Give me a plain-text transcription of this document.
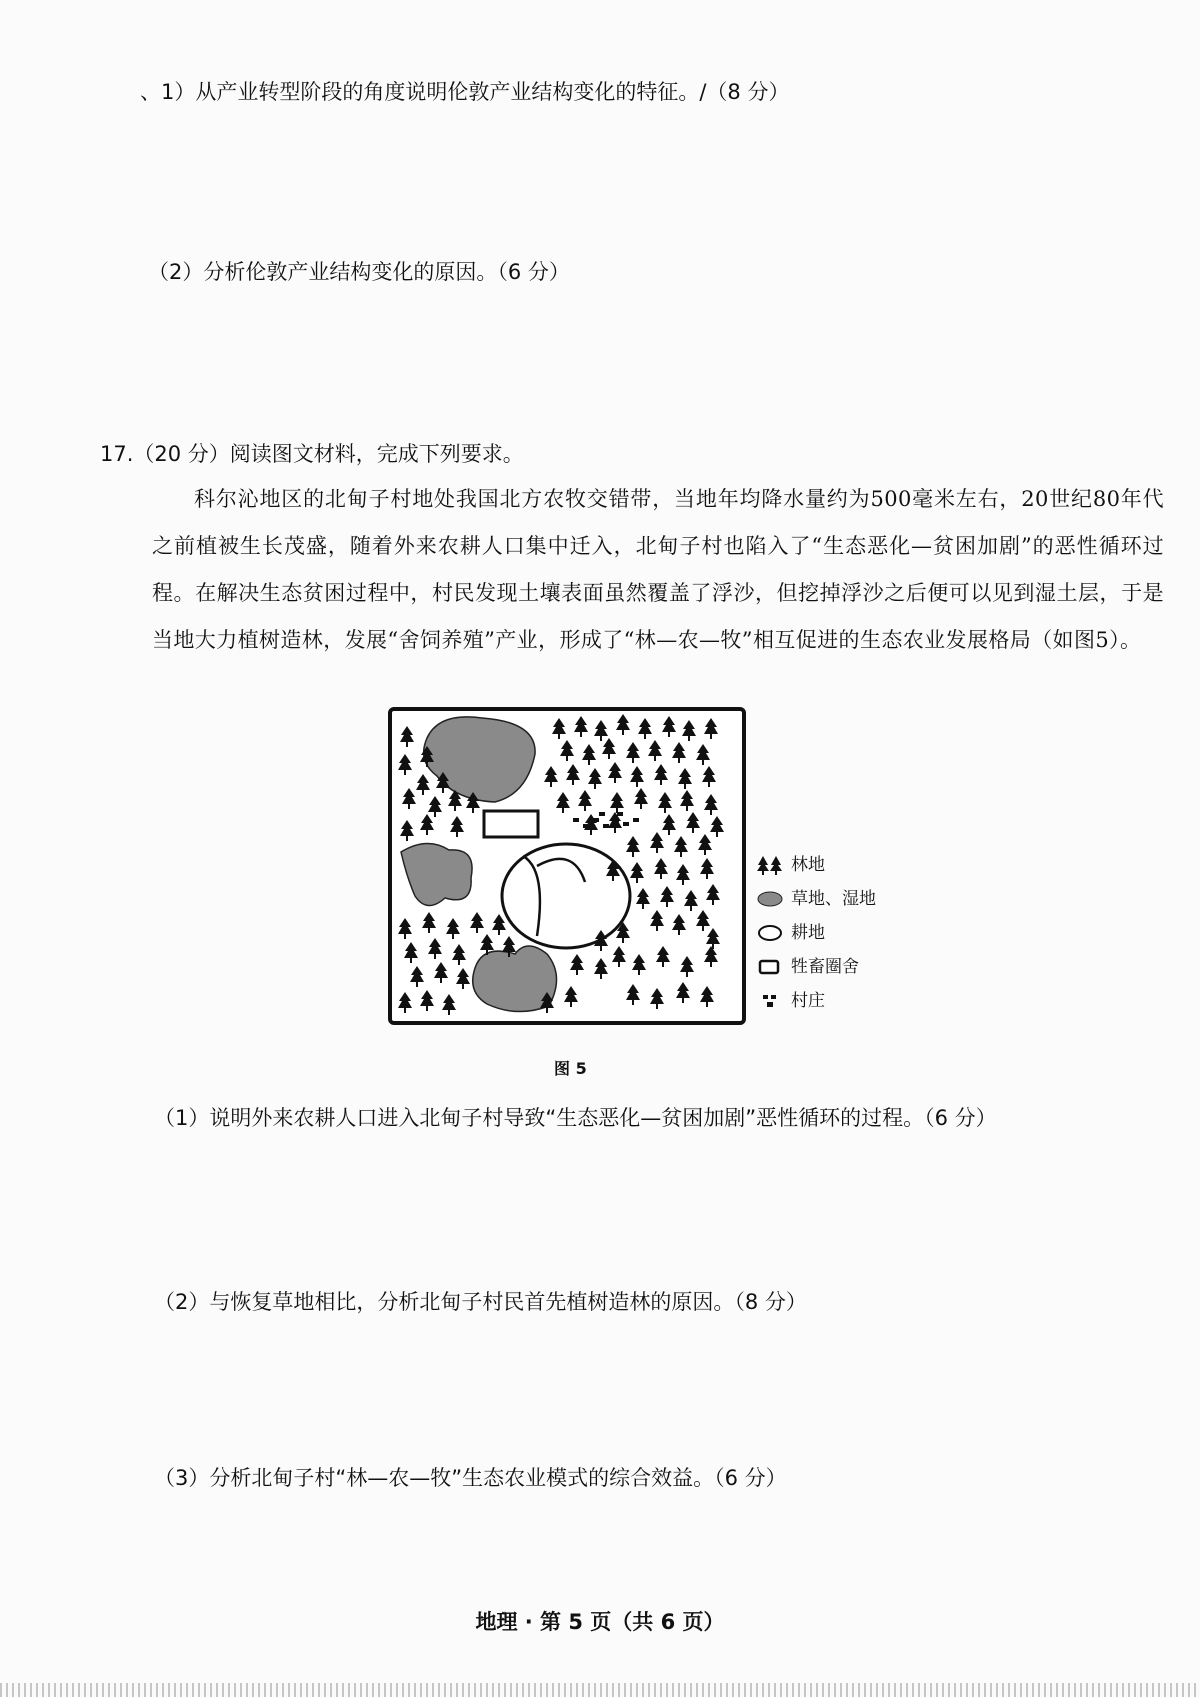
、1）从产业转型阶段的角度说明伦敦产业结构变化的特征。/（8 分）
（2）分析伦敦产业结构变化的原因。（6 分）
17.（20 分）阅读图文材料，完成下列要求。
科尔沁地区的北甸子村地处我国北方农牧交错带，当地年均降水量约为500毫米左右，20世纪80年代之前植被生长茂盛，随着外来农耕人口集中迁入，北甸子村也陷入了“生态恶化—贫困加剧”的恶性循环过程。在解决生态贫困过程中，村民发现土壤表面虽然覆盖了浮沙，但挖掉浮沙之后便可以见到湿土层，于是当地大力植树造林，发展“舍饲养殖”产业，形成了“林—农—牧”相互促进的生态农业发展格局（如图5）。
林地
草地、湿地
耕地
牲畜圈舍
村庄
图 5
（1）说明外来农耕人口进入北甸子村导致“生态恶化—贫困加剧”恶性循环的过程。（6 分）
（2）与恢复草地相比，分析北甸子村民首先植树造林的原因。（8 分）
（3）分析北甸子村“林—农—牧”生态农业模式的综合效益。（6 分）
地理 · 第 5 页（共 6 页）
